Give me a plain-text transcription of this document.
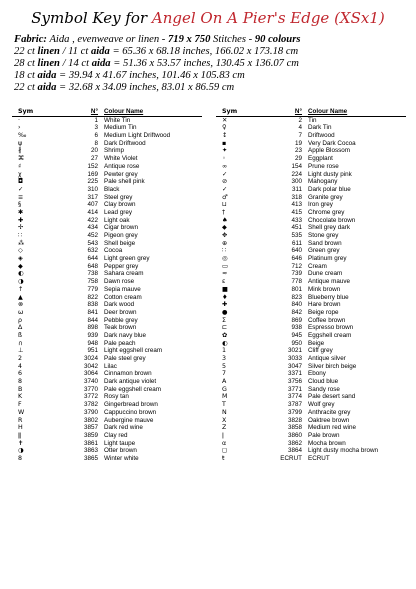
Symbol Key for Angel On A Pier's Edge (XSx1)
Fabric: Aida , evenweave or linen - 719 x 750 Stitches - 90 colours
22 ct linen / 11 ct aida = 65.36 x 68.18 inches, 166.02 x 173.18 cm
28 ct linen / 14 ct aida = 51.36 x 53.57 inches, 130.45 x 136.07 cm
18 ct aida = 39.94 x 41.67 inches, 101.46 x 105.83 cm
22 ct aida = 32.68 x 34.09 inches, 83.01 x 86.59 cm
Sym	N° Colour Name
·	1 White Tin
›	3 Medium Tin
‰	6 Medium Light Driftwood
ψ	8 Dark Driftwood
∦	20 Shrimp
⌘	27 White Violet
♯	152 Antique rose
χ	169 Pewter grey
◘	225 Pale shell pink
✓	310 Black
≡	317 Steel grey
§	407 Clay brown
✱	414 Lead grey
✚	422 Light oak
✢	434 Cigar brown
∷	452 Pigeon grey
⁂	543 Shell beige
◇	632 Cocoa
◈	644 Light green grey
◆	648 Pepper grey
◐	738 Sahara cream
◑	758 Dawn rose
↑	779 Sepia mauve
▲	822 Cotton cream
⊗	838 Dark wood
ω	841 Deer brown
ρ	844 Pebble grey
∆	898 Teak brown
ß	939 Dark navy blue
∩	948 Pale peach
⊥	951 Light eggshell cream
2	3024 Pale steel grey
4	3042 Lilac
6	3064 Cinnamon brown
8	3740 Dark antique violet
B	3770 Pale eggshell cream
K	3772 Rosy tan
F	3782 Gingerbread brown
W	3790 Cappuccino brown
R	3802 Aubergine mauve
H	3857 Dark red wine
ǁ	3859 Clay red
✝	3861 Light taupe
◑	3863 Otter brown
8	3865 Winter white
Sym	N° Colour Name
✕	2 Tin
♀	4 Dark Tin
↕	7 Driftwood
▪	19 Very Dark Cocoa
✦	23 Apple Blossom
◦	29 Eggplant
∞	154 Prune rose
✓	224 Light dusty pink
⊘	300 Mahogany
✓	311 Dark polar blue
♂	318 Granite grey
⊔	413 Iron grey
†	415 Chrome grey
♠	433 Chocolate brown
◆	451 Shell grey dark
✥	535 Stone grey
⊕	611 Sand brown
∷	640 Green grey
◎	646 Platinum grey
▭	712 Cream
≈	739 Dune cream
ε	778 Antique mauve
■	801 Mink brown
♦	823 Blueberry blue
✚	840 Hare brown
●	842 Beige rope
Σ	869 Coffee brown
⊏	938 Espresso brown
✿	945 Eggshell cream
◐	950 Beige
1	3021 Cliff grey
3	3033 Antique silver
5	3047 Silver birch beige
7	3371 Ebony
A	3756 Cloud blue
G	3771 Sandy rose
M	3774 Pale desert sand
T	3787 Wolf grey
N	3799 Anthracite grey
X	3828 Oaktree brown
Z	3858 Medium red wine
ǀ	3860 Pale brown
α	3862 Mocha brown
◻	3864 Light dusty mocha brown
ŧ	ECRUT ECRUT
